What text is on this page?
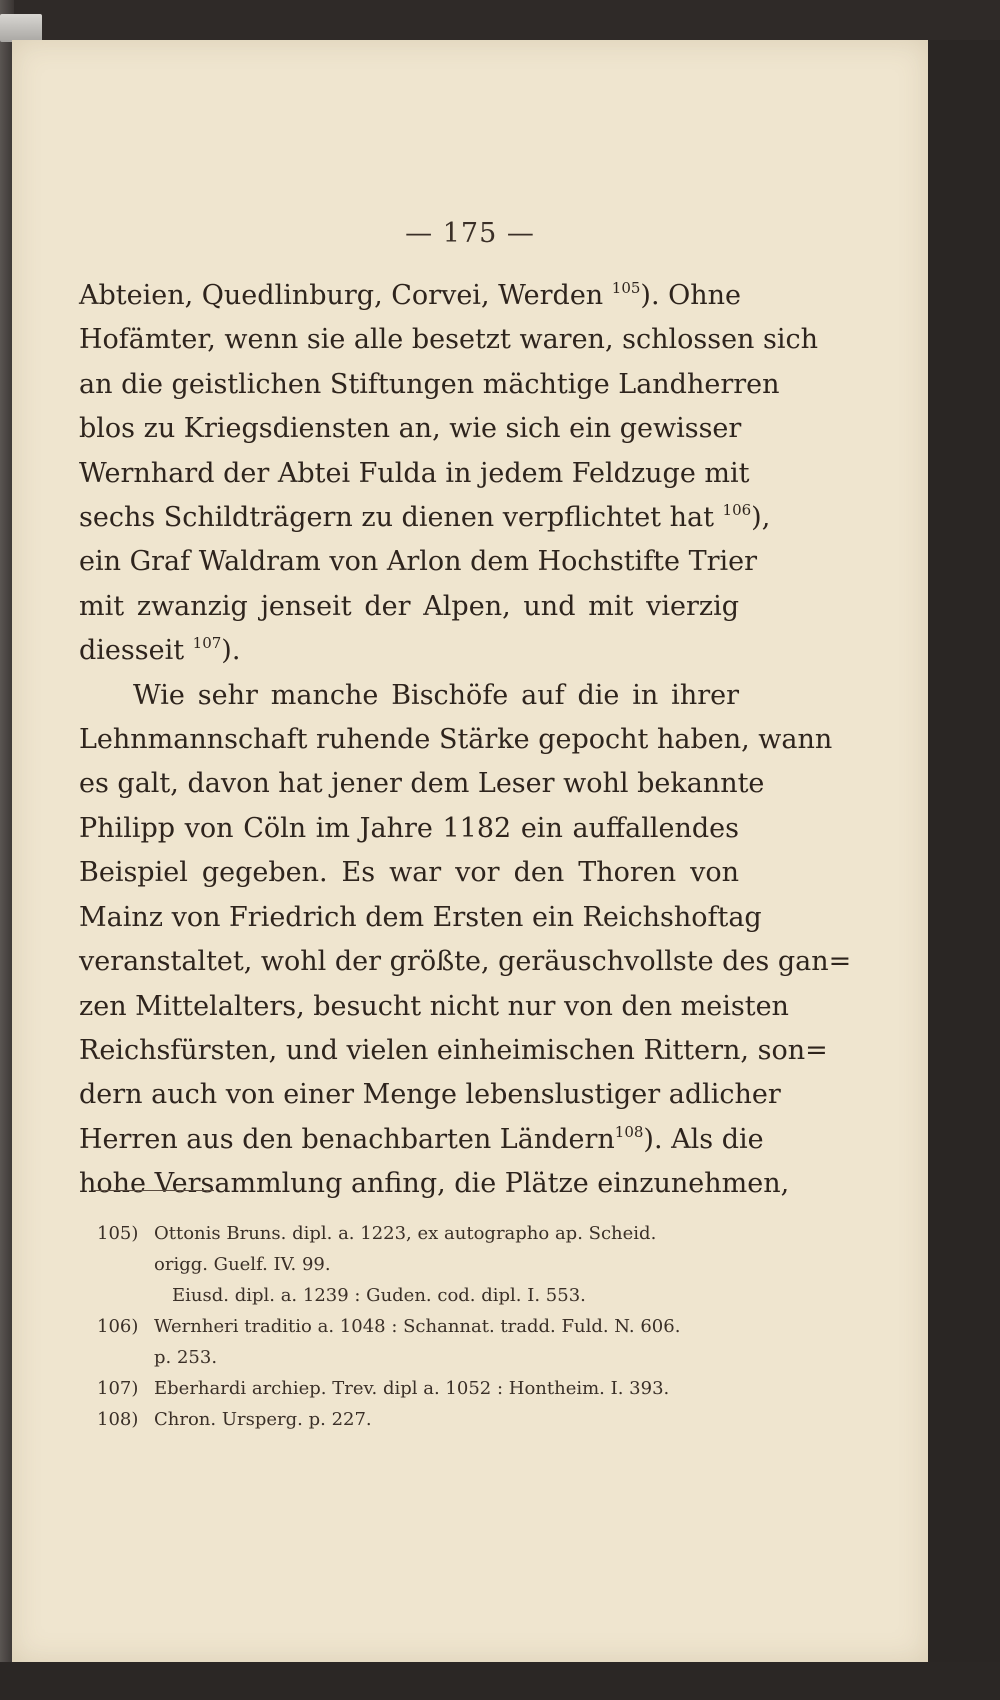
— 175 —
Abteien, Quedlinburg, Corvei, Werden $^{105}$). Ohne
Hofämter, wenn sie alle besetzt waren, schlossen sich
an die geistlichen Stiftungen mächtige Landherren
blos zu Kriegsdiensten an, wie sich ein gewisser
Wernhard der Abtei Fulda in jedem Feldzuge mit
sechs Schildträgern zu dienen verpflichtet hat $^{106}$),
ein Graf Waldram von Arlon dem Hochstifte Trier
mit zwanzig jenseit der Alpen, und mit vierzig
diesseit $^{107}$).
Wie sehr manche Bischöfe auf die in ihrer
Lehnmannschaft ruhende Stärke gepocht haben, wann
es galt, davon hat jener dem Leser wohl bekannte
Philipp von Cöln im Jahre 1182 ein auffallendes
Beispiel gegeben. Es war vor den Thoren von
Mainz von Friedrich dem Ersten ein Reichshoftag
veranstaltet, wohl der größte, geräuschvollste des gan=
zen Mittelalters, besucht nicht nur von den meisten
Reichsfürsten, und vielen einheimischen Rittern, son=
dern auch von einer Menge lebenslustiger adlicher
Herren aus den benachbarten Ländern$^{108}$). Als die
hohe Versammlung anfing, die Plätze einzunehmen,
105) Ottonis Bruns. dipl. a. 1223, ex autographo ap. Scheid.
origg. Guelf. IV. 99.
Eiusd. dipl. a. 1239 : Guden. cod. dipl. I. 553.
106) Wernheri traditio a. 1048 : Schannat. tradd. Fuld. N. 606.
p. 253.
107) Eberhardi archiep. Trev. dipl a. 1052 : Hontheim. I. 393.
108) Chron. Ursperg. p. 227.
